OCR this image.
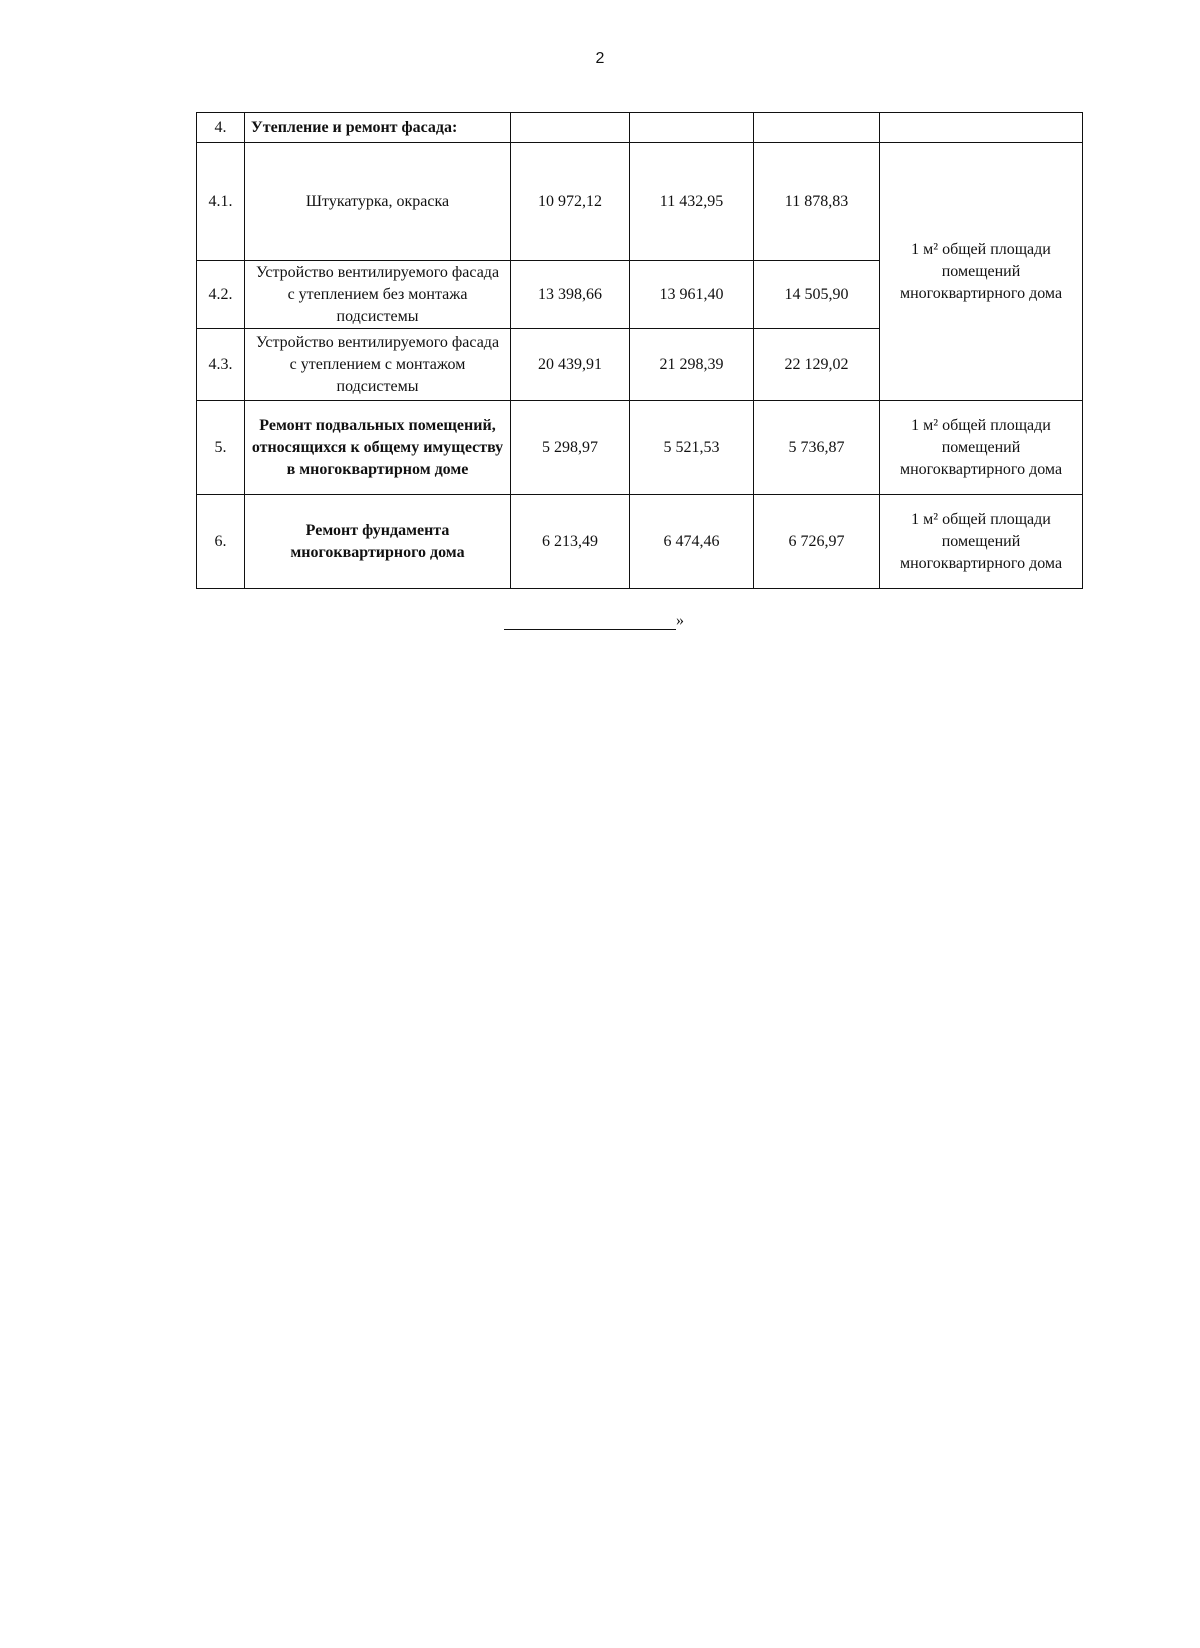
2
4.	Утепление и ремонт фасада:				
4.1.	Штукатурка, окраска	10 972,12	11 432,95	11 878,83	1 м² общей площади помещений многоквартирного дома
4.2.	Устройство вентилируемого фасада с утеплением без монтажа подсистемы	13 398,66	13 961,40	14 505,90	
4.3.	Устройство вентилируемого фасада с утеплением с монтажом подсистемы	20 439,91	21 298,39	22 129,02	
5.	Ремонт подвальных помещений, относящихся к общему имуществу в многоквартирном доме	5 298,97	5 521,53	5 736,87	1 м² общей площади помещений многоквартирного дома
6.	Ремонт фундамента многоквартирного дома	6 213,49	6 474,46	6 726,97	1 м² общей площади помещений многоквартирного дома
»
